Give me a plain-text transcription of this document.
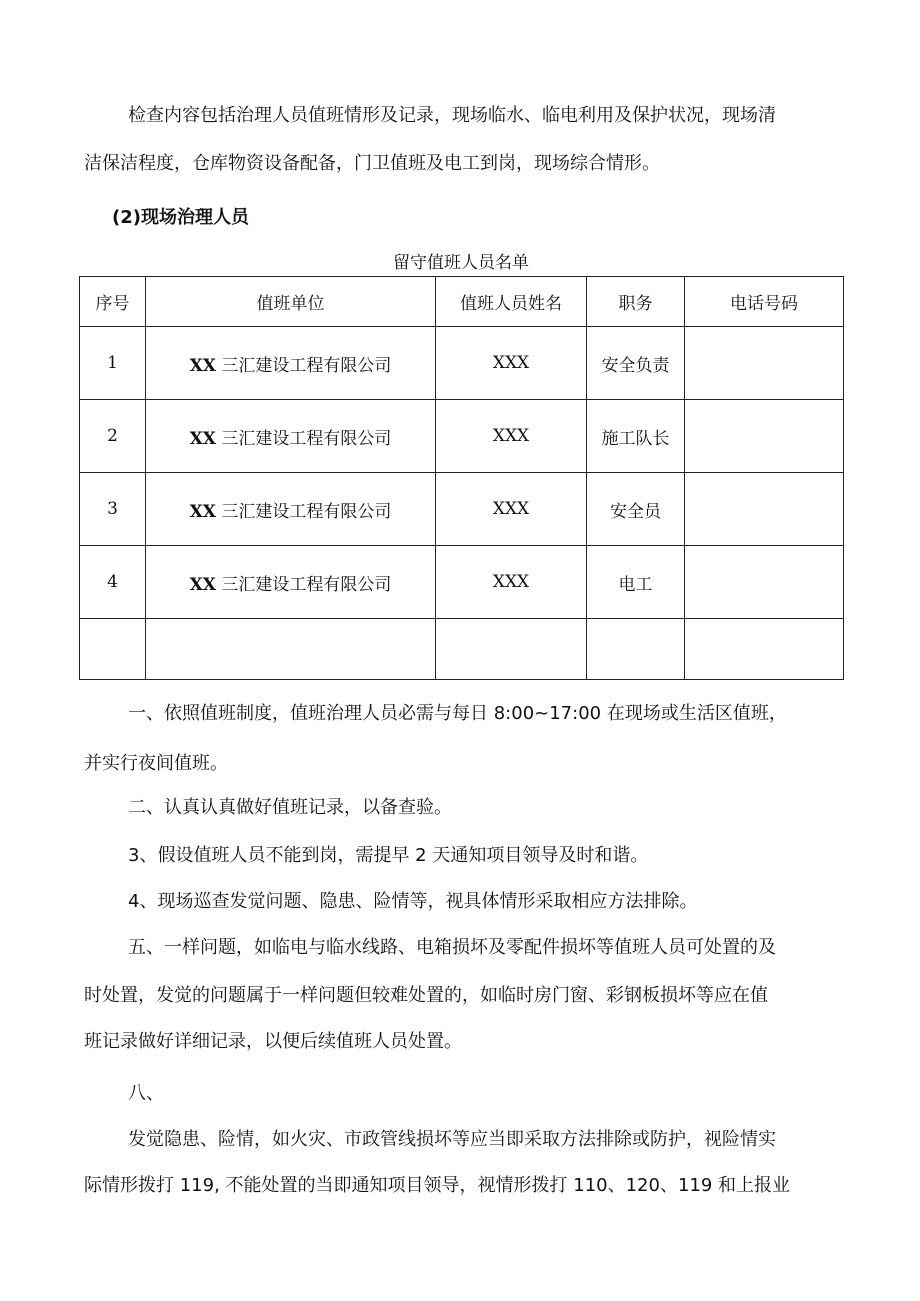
检查内容包括治理人员值班情形及记录，现场临水、临电利用及保护状况，现场清
洁保洁程度，仓库物资设备配备，门卫值班及电工到岗，现场综合情形。
(2)现场治理人员
留守值班人员名单
序号	值班单位	值班人员姓名	职务	电话号码
1	XX 三汇建设工程有限公司	XXX	安全负责	
2	XX 三汇建设工程有限公司	XXX	施工队长	
3	XX 三汇建设工程有限公司	XXX	安全员	
4	XX 三汇建设工程有限公司	XXX	电工	

一、依照值班制度，值班治理人员必需与每日 8:00~17:00 在现场或生活区值班，
并实行夜间值班。
二、认真认真做好值班记录，以备查验。
3、假设值班人员不能到岗，需提早 2 天通知项目领导及时和谐。
4、现场巡查发觉问题、隐患、险情等，视具体情形采取相应方法排除。
五、一样问题，如临电与临水线路、电箱损坏及零配件损坏等值班人员可处置的及
时处置，发觉的问题属于一样问题但较难处置的，如临时房门窗、彩钢板损坏等应在值
班记录做好详细记录，以便后续值班人员处置。
八、
发觉隐患、险情，如火灾、市政管线损坏等应当即采取方法排除或防护，视险情实
际情形拨打 119, 不能处置的当即通知项目领导，视情形拨打 110、120、119 和上报业
